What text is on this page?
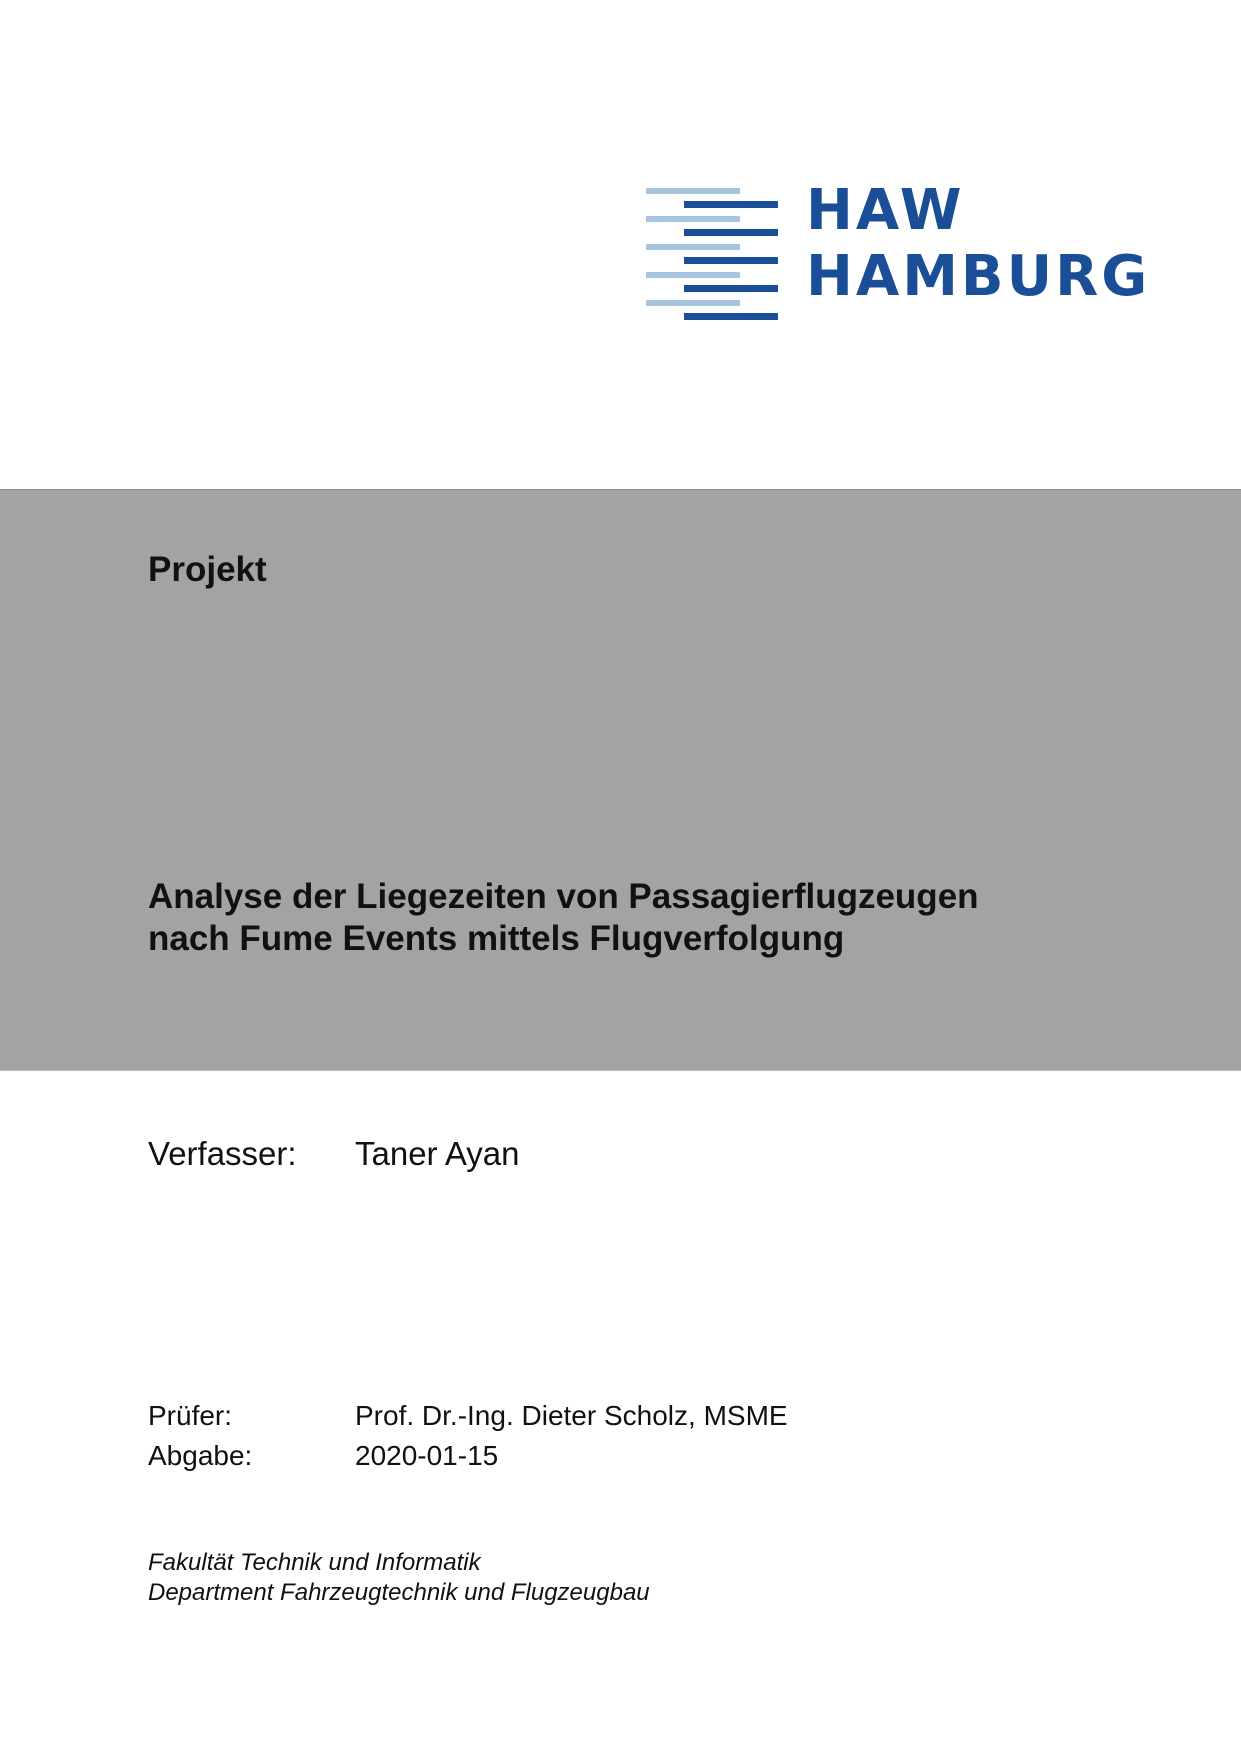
HAW
HAMBURG
Projekt
Analyse der Liegezeiten von Passagierflugzeugen
nach Fume Events mittels Flugverfolgung
Verfasser: Taner Ayan
Prüfer:	Prof. Dr.-Ing. Dieter Scholz, MSME
Abgabe:	2020-01-15
Fakultät Technik und Informatik
Department Fahrzeugtechnik und Flugzeugbau
